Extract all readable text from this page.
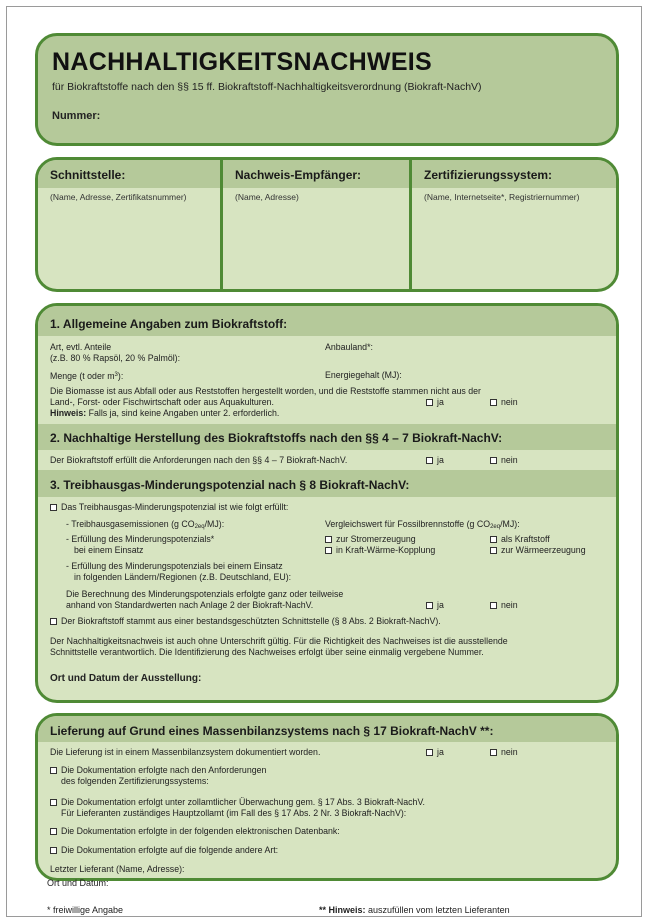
NACHHALTIGKEITSNACHWEIS
für Biokraftstoffe nach den §§ 15 ff. Biokraftstoff-Nachhaltigkeitsverordnung (Biokraft-NachV)
Nummer:
Schnittstelle:
(Name, Adresse, Zertifikatsnummer)
Nachweis-Empfänger:
(Name, Adresse)
Zertifizierungssystem:
(Name, Internetseite*, Registriernummer)
1. Allgemeine Angaben zum Biokraftstoff:
Art, evtl. Anteile
(z.B. 80 % Rapsöl, 20 % Palmöl):
Anbauland*:
Menge (t oder $m^3$):	Energiegehalt (MJ):
Die Biomasse ist aus Abfall oder aus Reststoffen hergestellt worden, und die Reststoffe stammen nicht aus der
Land-, Forst- oder Fischwirtschaft oder aus Aquakulturen.
Hinweis: Falls ja, sind keine Angaben unter 2. erforderlich.
ja	nein
2. Nachhaltige Herstellung des Biokraftstoffs nach den §§ 4 – 7 Biokraft-NachV:
Der Biokraftstoff erfüllt die Anforderungen nach den §§ 4 – 7 Biokraft-NachV.	ja	nein
3. Treibhausgas-Minderungspotenzial nach § 8 Biokraft-NachV:
Das Treibhausgas-Minderungspotenzial ist wie folgt erfüllt:
- Treibhausgasemissionen (g CO2eq/MJ):	Vergleichswert für Fossilbrennstoffe (g CO2eq/MJ):
- Erfüllung des Minderungspotenzials*
bei einem Einsatz
zur Stromerzeugung	als Kraftstoff
in Kraft-Wärme-Kopplung	zur Wärmeerzeugung
- Erfüllung des Minderungspotenzials bei einem Einsatz
in folgenden Ländern/Regionen (z.B. Deutschland, EU):
Die Berechnung des Minderungspotenzials erfolgte ganz oder teilweise
anhand von Standardwerten nach Anlage 2 der Biokraft-NachV.	ja	nein
Der Biokraftstoff stammt aus einer bestandsgeschützten Schnittstelle (§ 8 Abs. 2 Biokraft-NachV).
Der Nachhaltigkeitsnachweis ist auch ohne Unterschrift gültig. Für die Richtigkeit des Nachweises ist die ausstellende
Schnittstelle verantwortlich. Die Identifizierung des Nachweises erfolgt über seine einmalig vergebene Nummer.
Ort und Datum der Ausstellung:
Lieferung auf Grund eines Massenbilanzsystems nach § 17 Biokraft-NachV **:
Die Lieferung ist in einem Massenbilanzsystem dokumentiert worden.	ja	nein
Die Dokumentation erfolgte nach den Anforderungen
des folgenden Zertifizierungssystems:
Die Dokumentation erfolgt unter zollamtlicher Überwachung gem. § 17 Abs. 3 Biokraft-NachV.
Für Lieferanten zuständiges Hauptzollamt (im Fall des § 17 Abs. 2 Nr. 3 Biokraft-NachV):
Die Dokumentation erfolgte in der folgenden elektronischen Datenbank:
Die Dokumentation erfolgte auf die folgende andere Art:
Letzter Lieferant (Name, Adresse):
Ort und Datum:
* freiwillige Angabe	** Hinweis: auszufüllen vom letzten Lieferanten
